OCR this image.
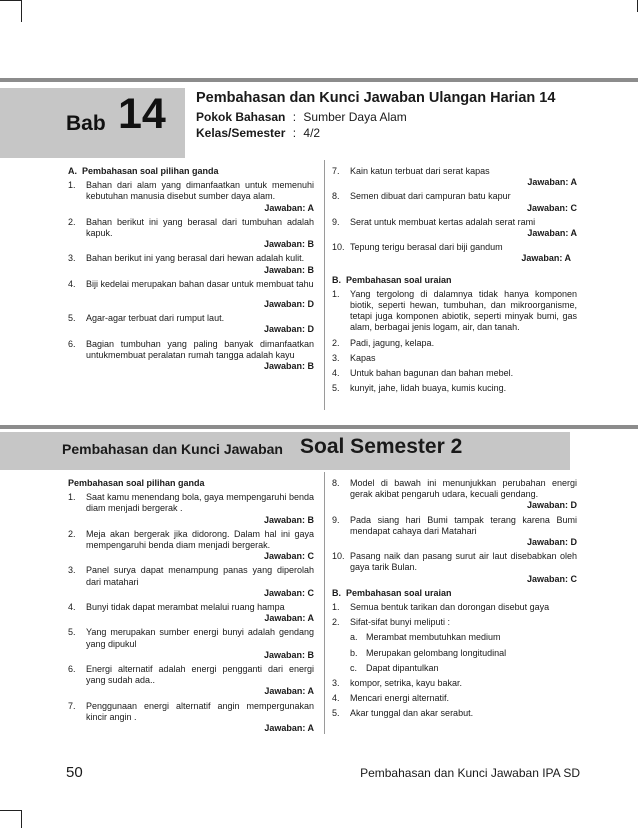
Bab 14 Pembahasan dan Kunci Jawaban Ulangan Harian 14
Pokok Bahasan : Sumber Daya Alam
Kelas/Semester : 4/2
A. Pembahasan soal pilihan ganda
1.	Bahan dari alam yang dimanfaatkan untuk memenuhi kebutuhan manusia disebut sumber daya alam.
Jawaban: A
2.	Bahan berikut ini yang berasal dari tumbuhan adalah kapuk.
Jawaban: B
3.	Bahan berikut ini yang berasal dari hewan adalah kulit.
Jawaban: B
4.	Biji kedelai merupakan bahan dasar untuk membuat tahu
Jawaban: D
5.	Agar-agar terbuat dari rumput laut.
Jawaban: D
6.	Bagian tumbuhan yang paling banyak dimanfaatkan untukmembuat peralatan rumah tangga adalah kayu
Jawaban: B
7.	Kain katun terbuat dari serat kapas
Jawaban: A
8.	Semen dibuat dari campuran batu kapur
Jawaban: C
9.	Serat untuk membuat kertas adalah serat rami
Jawaban: A
10. Tepung terigu berasal dari biji gandum
Jawaban: A
B. Pembahasan soal uraian
1.	Yang tergolong di dalamnya tidak hanya komponen biotik, seperti hewan, tumbuhan, dan mikroorganisme, tetapi juga komponen abiotik, seperti minyak bumi, gas alam, berbagai jenis logam, air, dan tanah.
2.	Padi, jagung, kelapa.
3.	Kapas
4.	Untuk bahan bagunan dan bahan mebel.
5.	kunyit, jahe, lidah buaya, kumis kucing.
Pembahasan dan Kunci Jawaban Soal Semester 2
Pembahasan soal pilihan ganda
1.	Saat kamu menendang bola, gaya mempengaruhi benda diam menjadi bergerak .
Jawaban: B
2.	Meja akan bergerak jika didorong. Dalam hal ini gaya mempengaruhi benda diam menjadi bergerak.
Jawaban: C
3.	Panel surya dapat menampung panas yang diperolah dari matahari
Jawaban: C
4.	Bunyi tidak dapat merambat melalui ruang hampa
Jawaban: A
5.	Yang merupakan sumber energi bunyi adalah gendang yang dipukul
Jawaban: B
6.	Energi alternatif adalah energi pengganti dari energi yang sudah ada..
Jawaban: A
7.	Penggunaan energi alternatif angin mempergunakan kincir angin .
Jawaban: A
8.	Model di bawah ini menunjukkan perubahan energi gerak akibat pengaruh udara, kecuali gendang.
Jawaban: D
9.	Pada siang hari Bumi tampak terang karena Bumi mendapat cahaya dari Matahari
Jawaban: D
10. Pasang naik dan pasang surut air laut disebabkan oleh gaya tarik Bulan.
Jawaban: C
B. Pembahasan soal uraian
1.	Semua bentuk tarikan dan dorongan disebut gaya
2.	Sifat-sifat bunyi meliputi :
a. Merambat membutuhkan medium
b. Merupakan gelombang longitudinal
c. Dapat dipantulkan
3.	kompor, setrika, kayu bakar.
4.	Mencari energi alternatif.
5.	Akar tunggal dan akar serabut.
50	Pembahasan dan Kunci Jawaban IPA SD
